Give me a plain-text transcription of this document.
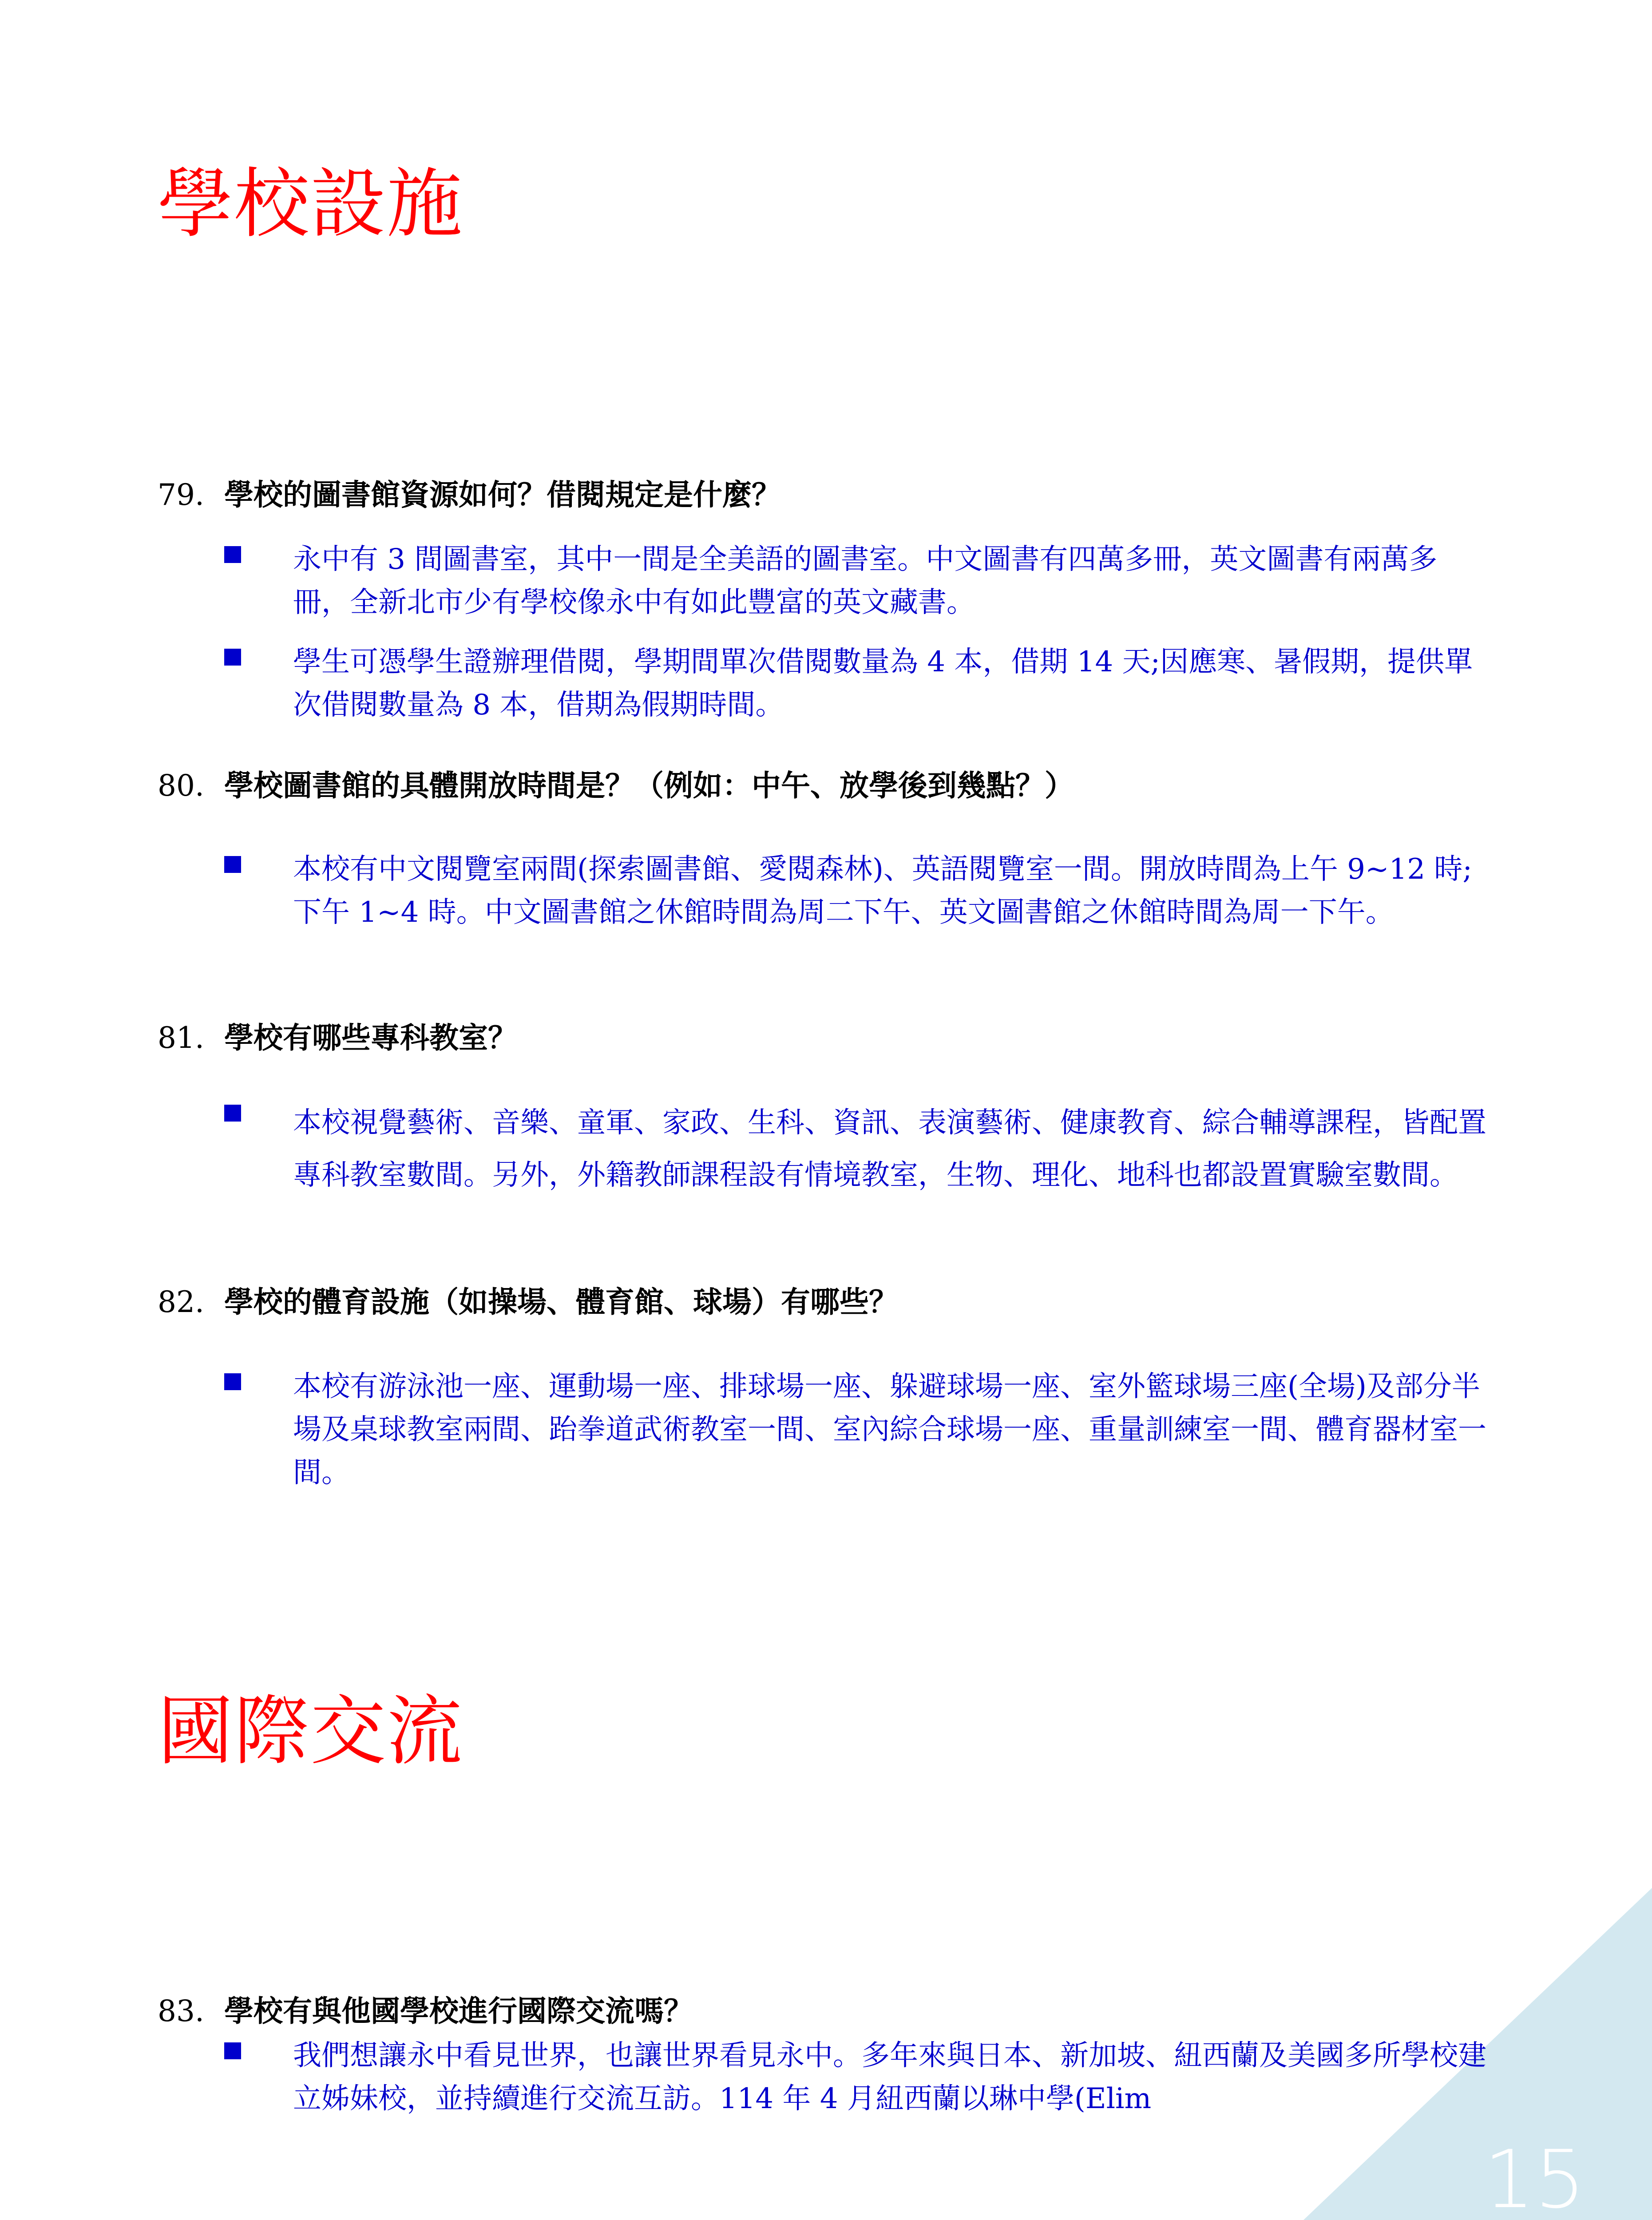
15
學校設施
79. 學校的圖書館資源如何？借閱規定是什麼？

永中有 3 間圖書室，其中一間是全美語的圖書室。中文圖書有四萬多冊，英文圖書有兩萬多冊，全新北市少有學校像永中有如此豐富的英文藏書。

學生可憑學生證辦理借閱，學期間單次借閱數量為 4 本，借期 14 天;因應寒、暑假期，提供單次借閱數量為 8 本，借期為假期時間。

80. 學校圖書館的具體開放時間是？（例如：中午、放學後到幾點？）

本校有中文閱覽室兩間(探索圖書館、愛閱森林)、英語閱覽室一間。開放時間為上午 9~12 時;下午 1~4 時。中文圖書館之休館時間為周二下午、英文圖書館之休館時間為周一下午。

81. 學校有哪些專科教室？

本校視覺藝術、音樂、童軍、家政、生科、資訊、表演藝術、健康教育、綜合輔導課程，皆配置專科教室數間。另外，外籍教師課程設有情境教室，生物、理化、地科也都設置實驗室數間。

82. 學校的體育設施（如操場、體育館、球場）有哪些？

本校有游泳池一座、運動場一座、排球場一座、躲避球場一座、室外籃球場三座(全場)及部分半場及桌球教室兩間、跆拳道武術教室一間、室內綜合球場一座、重量訓練室一間、體育器材室一間。

國際交流
83. 學校有與他國學校進行國際交流嗎？

我們想讓永中看見世界，也讓世界看見永中。多年來與日本、新加坡、紐西蘭及美國多所學校建立姊妹校，並持續進行交流互訪。114 年 4 月紐西蘭以琳中學(Elim
